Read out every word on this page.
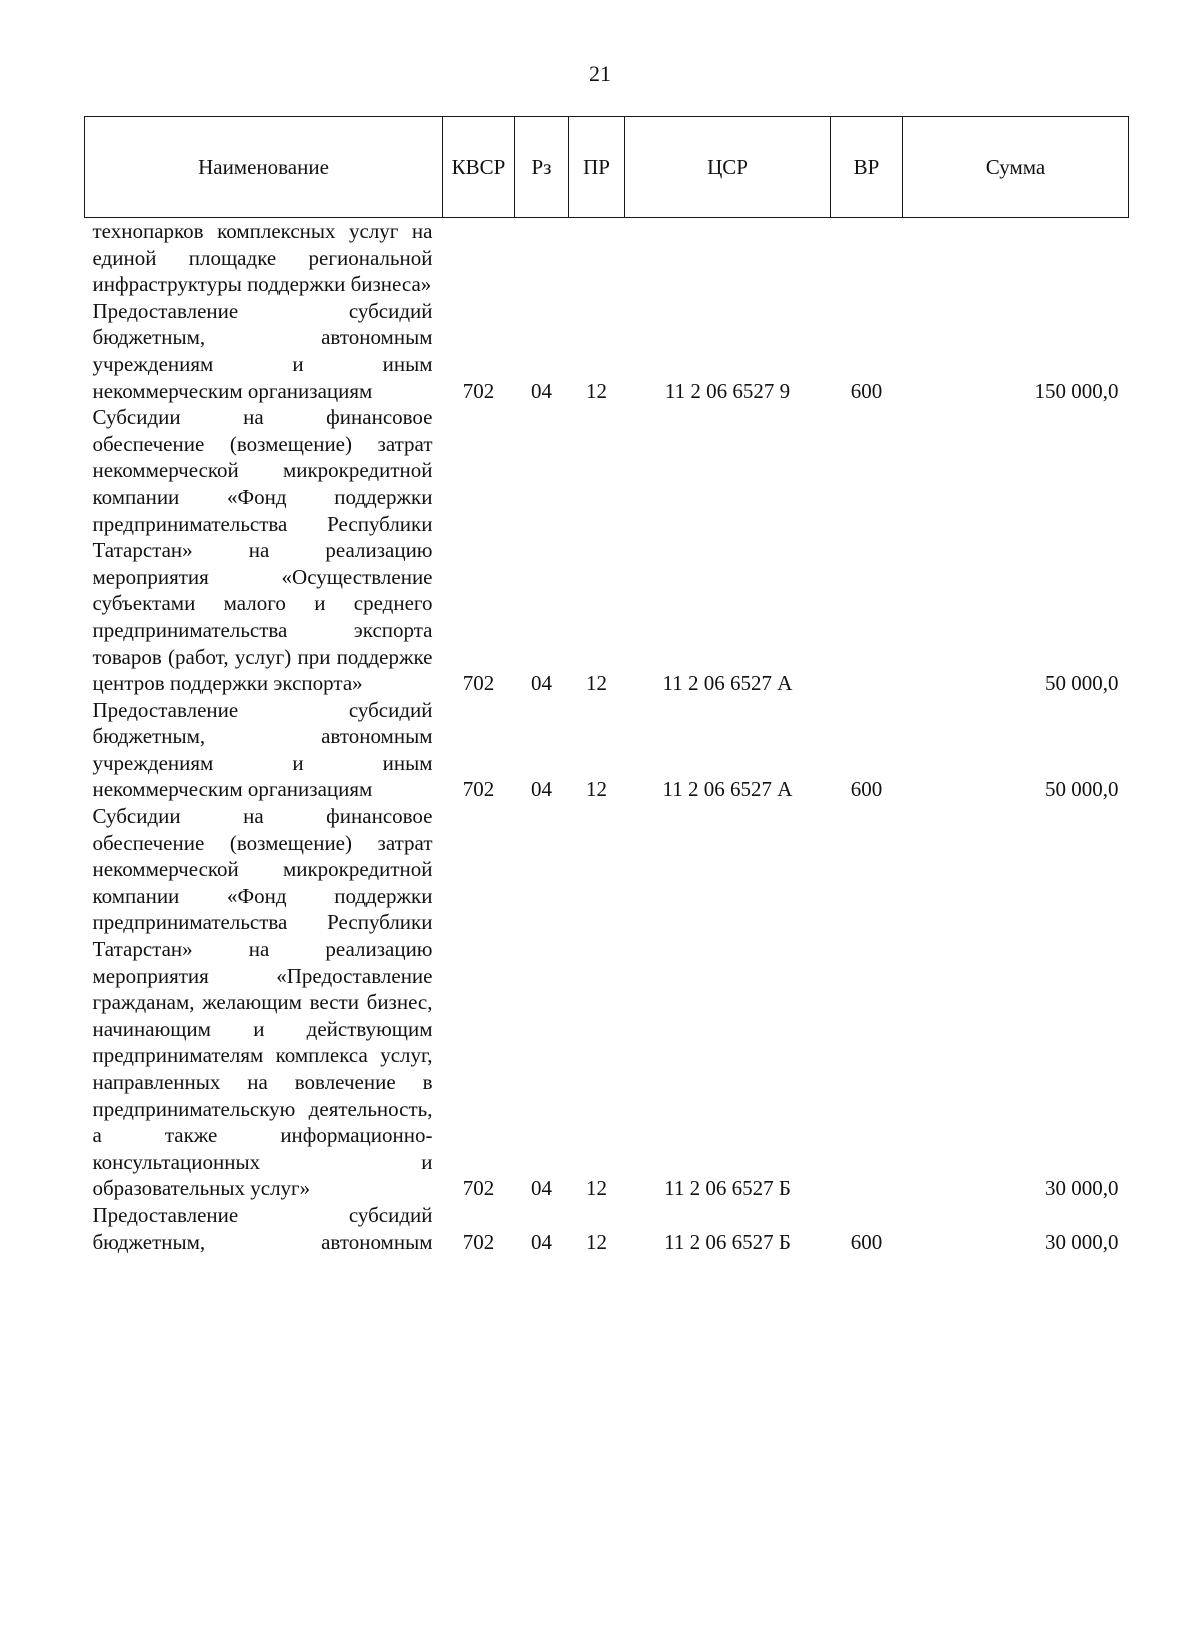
21
Наименование	КВСР	Рз	ПР	ЦСР	ВР	Сумма
технопарков комплексных услуг на единой площадке региональной инфраструктуры поддержки бизнеса»						
Предоставление субсидий бюджетным, автономным учреждениям и иным некоммерческим организациям	702	04	12	11 2 06 6527 9	600	150 000,0
Субсидии на финансовое обеспечение (возмещение) затрат некоммерческой микрокредитной компании «Фонд поддержки предпринимательства Республики Татарстан» на реализацию мероприятия «Осуществление субъектами малого и среднего предпринимательства экспорта товаров (работ, услуг) при поддержке центров поддержки экспорта»	702	04	12	11 2 06 6527 А		50 000,0
Предоставление субсидий бюджетным, автономным учреждениям и иным некоммерческим организациям	702	04	12	11 2 06 6527 А	600	50 000,0
Субсидии на финансовое обеспечение (возмещение) затрат некоммерческой микрокредитной компании «Фонд поддержки предпринимательства Республики Татарстан» на реализацию мероприятия «Предоставление гражданам, желающим вести бизнес, начинающим и действующим предпринимателям комплекса услуг, направленных на вовлечение в предпринимательскую деятельность, а также информационно-консультационных и образовательных услуг»	702	04	12	11 2 06 6527 Б		30 000,0
Предоставление субсидий бюджетным, автономным	702	04	12	11 2 06 6527 Б	600	30 000,0
